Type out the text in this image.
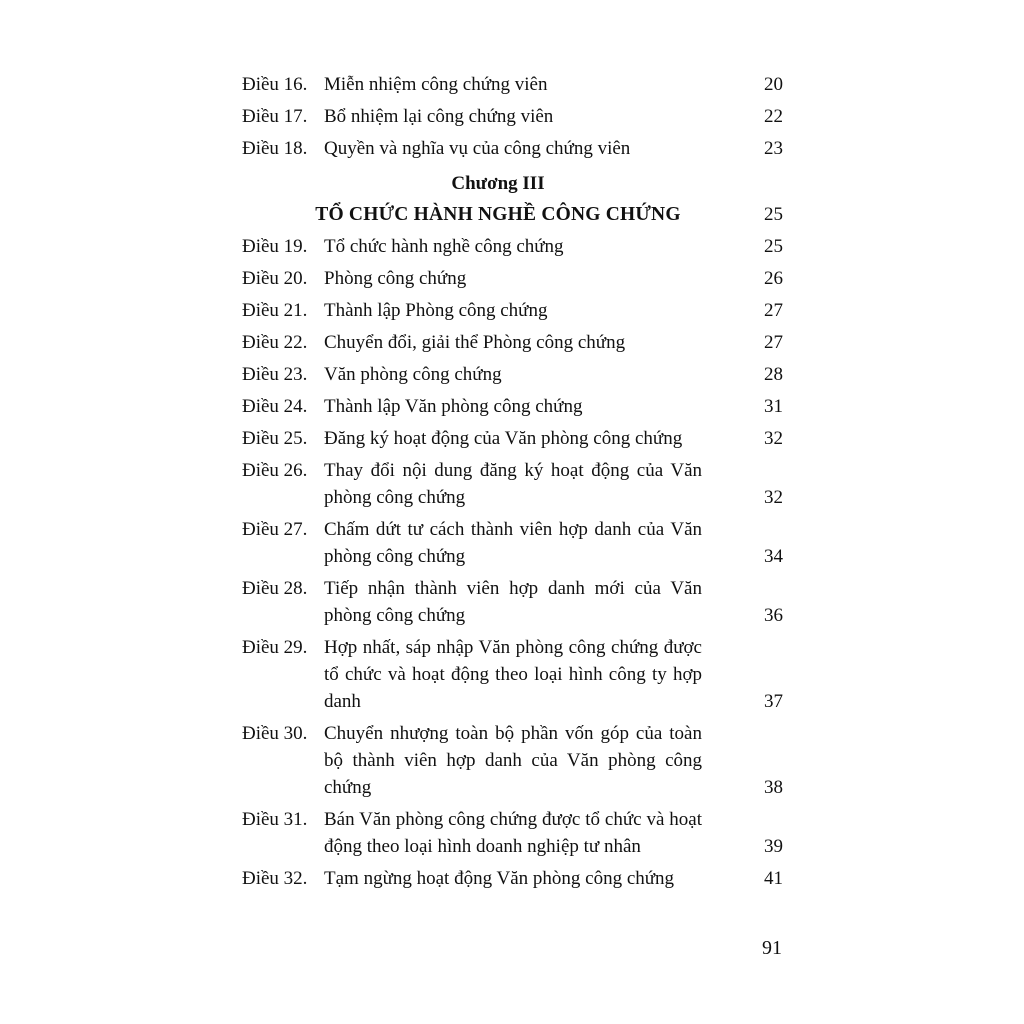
Điều 16. Miễn nhiệm công chứng viên	20
Điều 17. Bổ nhiệm lại công chứng viên	22
Điều 18. Quyền và nghĩa vụ của công chứng viên	23
Chương III
TỔ CHỨC HÀNH NGHỀ CÔNG CHỨNG	25
Điều 19. Tổ chức hành nghề công chứng	25
Điều 20. Phòng công chứng	26
Điều 21. Thành lập Phòng công chứng	27
Điều 22. Chuyển đổi, giải thể Phòng công chứng	27
Điều 23. Văn phòng công chứng	28
Điều 24. Thành lập Văn phòng công chứng	31
Điều 25. Đăng ký hoạt động của Văn phòng công chứng	32
Điều 26. Thay đổi nội dung đăng ký hoạt động của Văn phòng công chứng	32
Điều 27. Chấm dứt tư cách thành viên hợp danh của Văn phòng công chứng	34
Điều 28. Tiếp nhận thành viên hợp danh mới của Văn phòng công chứng	36
Điều 29. Hợp nhất, sáp nhập Văn phòng công chứng được tổ chức và hoạt động theo loại hình công ty hợp danh	37
Điều 30. Chuyển nhượng toàn bộ phần vốn góp của toàn bộ thành viên hợp danh của Văn phòng công chứng	38
Điều 31. Bán Văn phòng công chứng được tổ chức và hoạt động theo loại hình doanh nghiệp tư nhân	39
Điều 32. Tạm ngừng hoạt động Văn phòng công chứng	41
91
